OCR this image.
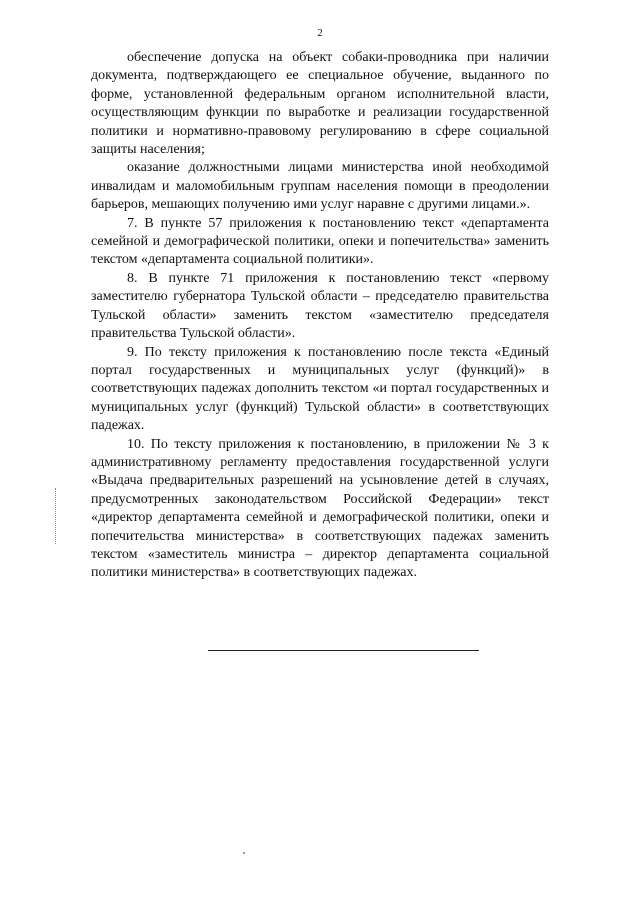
2

обеспечение допуска на объект собаки-проводника при наличии документа, подтверждающего ее специальное обучение, выданного по форме, установленной федеральным органом исполнительной власти, осуществляющим функции по выработке и реализации государственной политики и нормативно-правовому регулированию в сфере социальной защиты населения;

оказание должностными лицами министерства иной необходимой инвалидам и маломобильным группам населения помощи в преодолении барьеров, мешающих получению ими услуг наравне с другими лицами.».

7. В пункте 57 приложения к постановлению текст «департамента семейной и демографической политики, опеки и попечительства» заменить текстом «департамента социальной политики».

8. В пункте 71 приложения к постановлению текст «первому заместителю губернатора Тульской области – председателю правительства Тульской области» заменить текстом «заместителю председателя правительства Тульской области».

9. По тексту приложения к постановлению после текста «Единый портал государственных и муниципальных услуг (функций)» в соответствующих падежах дополнить текстом «и портал государственных и муниципальных услуг (функций) Тульской области» в соответствующих падежах.

10. По тексту приложения к постановлению, в приложении № 3 к административному регламенту предоставления государственной услуги «Выдача предварительных разрешений на усыновление детей в случаях, предусмотренных законодательством Российской Федерации» текст «директор департамента семейной и демографической политики, опеки и попечительства министерства» в соответствующих падежах заменить текстом «заместитель министра – директор департамента социальной политики министерства» в соответствующих падежах.
